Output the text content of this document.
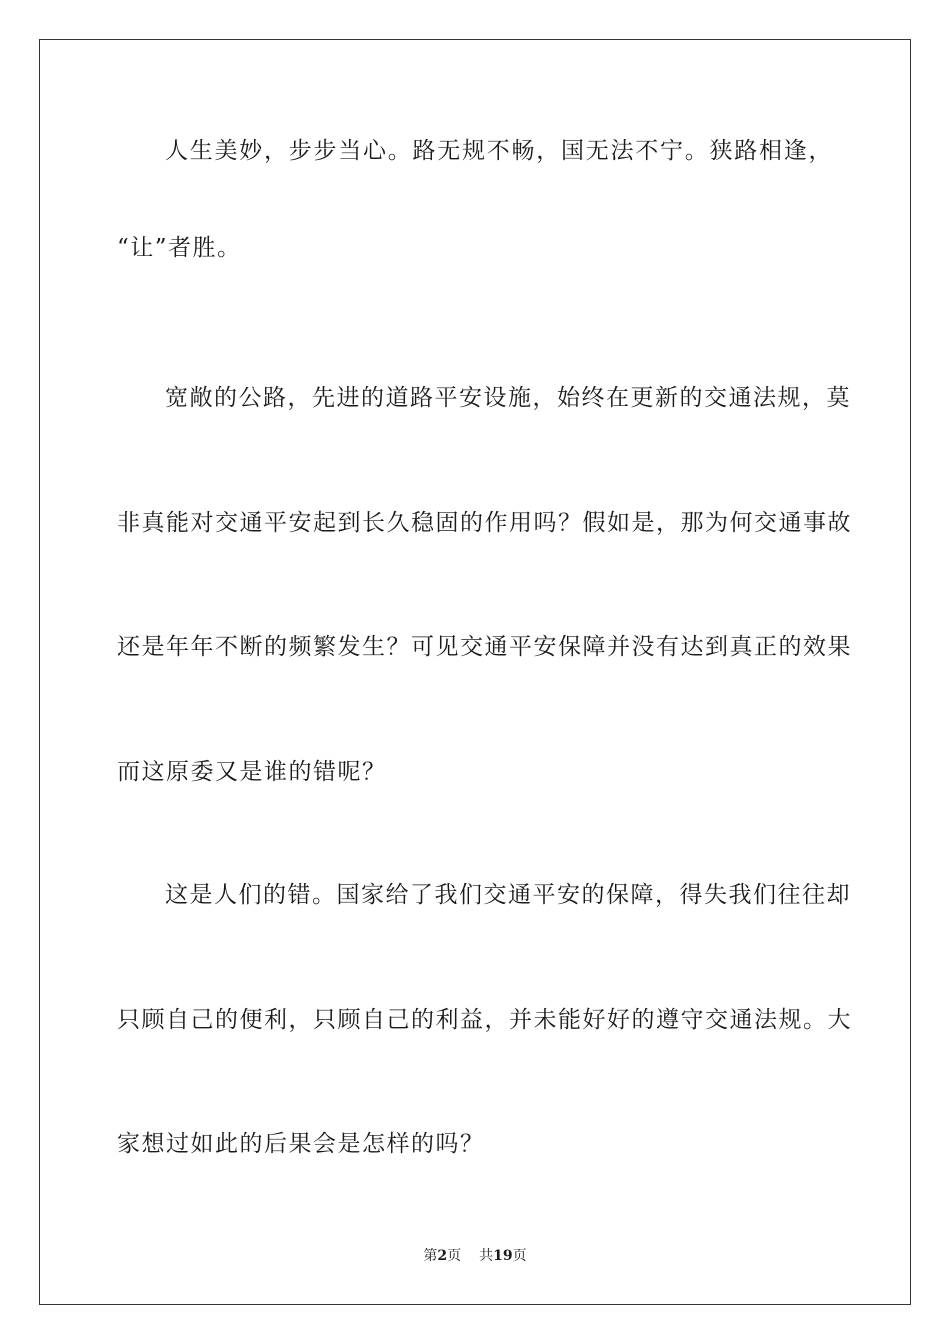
人生美妙，步步当心。路无规不畅，国无法不宁。狭路相逢，
“让”者胜。
宽敞的公路，先进的道路平安设施，始终在更新的交通法规，莫
非真能对交通平安起到长久稳固的作用吗？假如是，那为何交通事故
还是年年不断的频繁发生？可见交通平安保障并没有达到真正的效果
而这原委又是谁的错呢？
这是人们的错。国家给了我们交通平安的保障，得失我们往往却
只顾自己的便利，只顾自己的利益，并未能好好的遵守交通法规。大
家想过如此的后果会是怎样的吗？
第2页 共19页
